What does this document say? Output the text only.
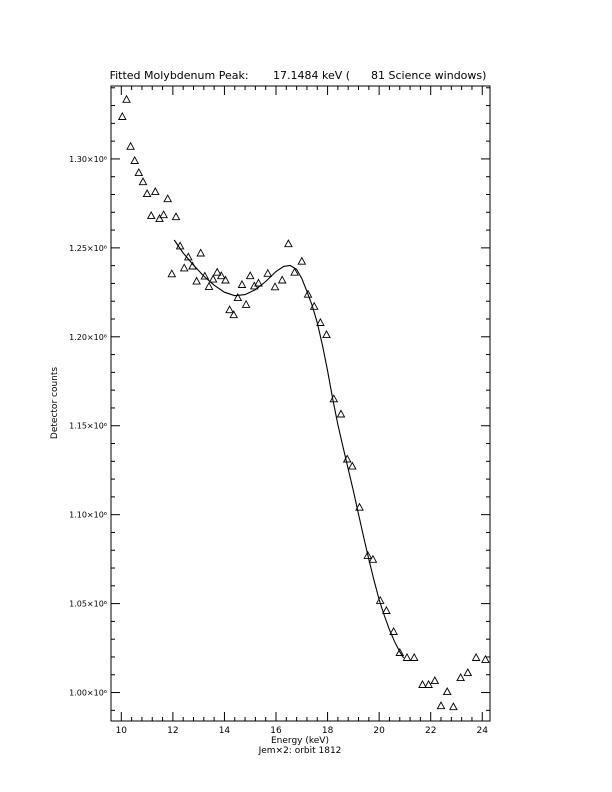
Fitted Molybdenum Peak:       17.1484 keV (      81 Science windows)
1.00×10⁶
1.05×10⁶
1.10×10⁶
1.15×10⁶
1.20×10⁶
1.25×10⁶
1.30×10⁶
10	12	14	16	18	20	22	24
Detector counts
Energy (keV)
Jem×2: orbit 1812
